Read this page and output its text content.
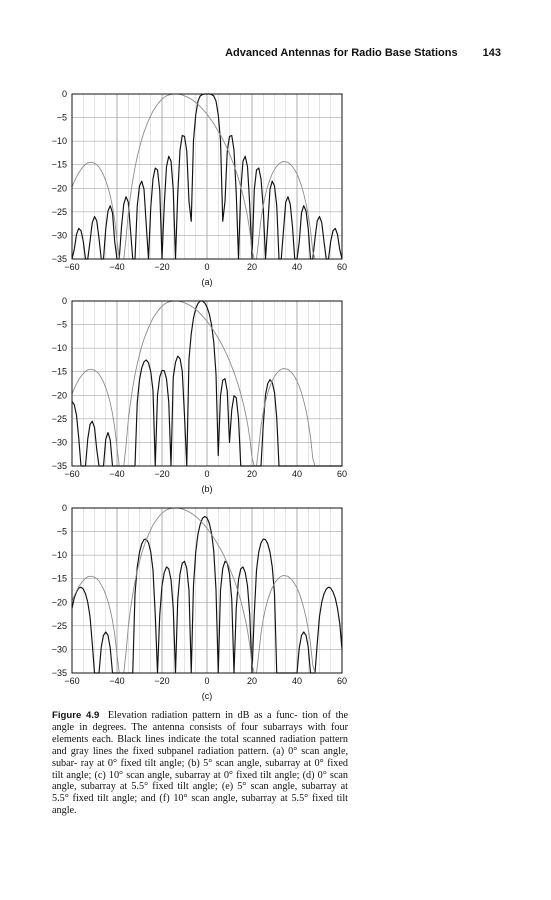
Advanced Antennas for Radio Base Stations 143
0
−5
−10
−15
−20
−25
−30
−35
−60	−40	−20	0	20	40	60
(a)
0
−5
−10
−15
−20
−25
−30
−35
−60	−40	−20	0	20	40	60
(b)
0
−5
−10
−15
−20
−25
−30
−35
−60	−40	−20	0	20	40	60
(c)
Figure 4.9 Elevation radiation pattern in dB as a func- tion of the angle in degrees. The antenna consists of four subarrays with four elements each. Black lines indicate the total scanned radiation pattern and gray lines the fixed subpanel radiation pattern. (a) 0° scan angle, subar- ray at 0° fixed tilt angle; (b) 5° scan angle, subarray at 0° fixed tilt angle; (c) 10° scan angle, subarray at 0° fixed tilt angle; (d) 0° scan angle, subarray at 5.5° fixed tilt angle; (e) 5° scan angle, subarray at 5.5° fixed tilt angle; and (f) 10° scan angle, subarray at 5.5° fixed tilt angle.
